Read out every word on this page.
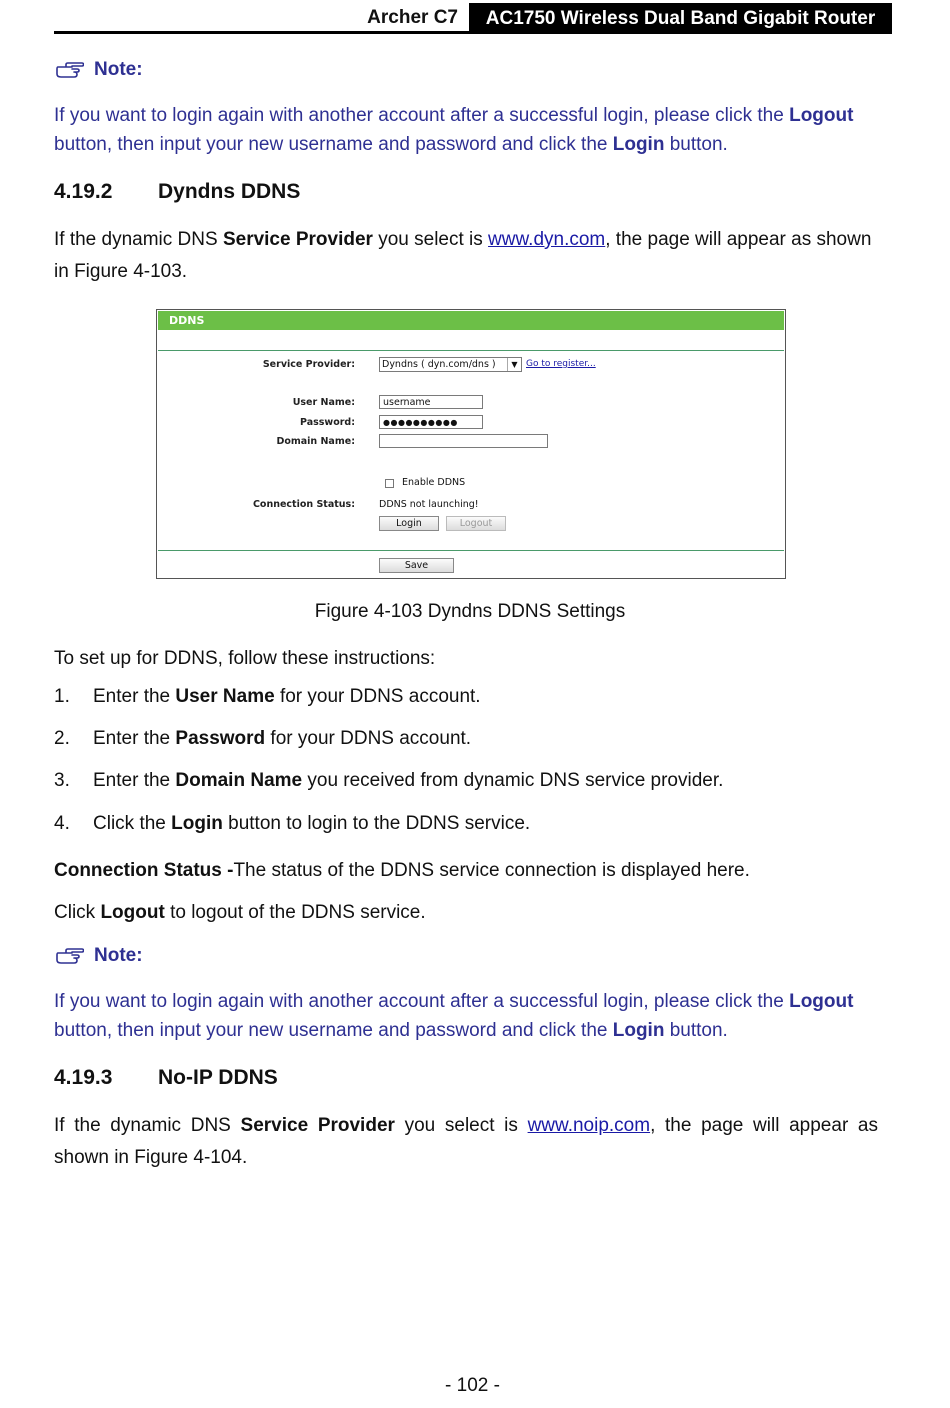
Archer C7	AC1750 Wireless Dual Band Gigabit Router
Note:
If you want to login again with another account after a successful login, please click the Logout
button, then input your new username and password and click the Login button.
4.19.2 Dyndns DDNS
If the dynamic DNS Service Provider you select is www.dyn.com, the page will appear as shown
in Figure 4-103.
DDNS
Service Provider:	Dyndns ( dyn.com/dns )	▼ Go to register...
User Name:	username
Password:	●●●●●●●●●●
Domain Name:
Enable DDNS
Connection Status:	DDNS not launching!
Login	Logout
Save
Figure 4-103 Dyndns DDNS Settings
To set up for DDNS, follow these instructions:
1. Enter the User Name for your DDNS account.
2. Enter the Password for your DDNS account.
3. Enter the Domain Name you received from dynamic DNS service provider.
4. Click the Login button to login to the DDNS service.
Connection Status -The status of the DDNS service connection is displayed here.
Click Logout to logout of the DDNS service.
Note:
If you want to login again with another account after a successful login, please click the Logout
button, then input your new username and password and click the Login button.
4.19.3 No-IP DDNS
If the dynamic DNS Service Provider you select is www.noip.com, the page will appear as
shown in Figure 4-104.
- 102 -
